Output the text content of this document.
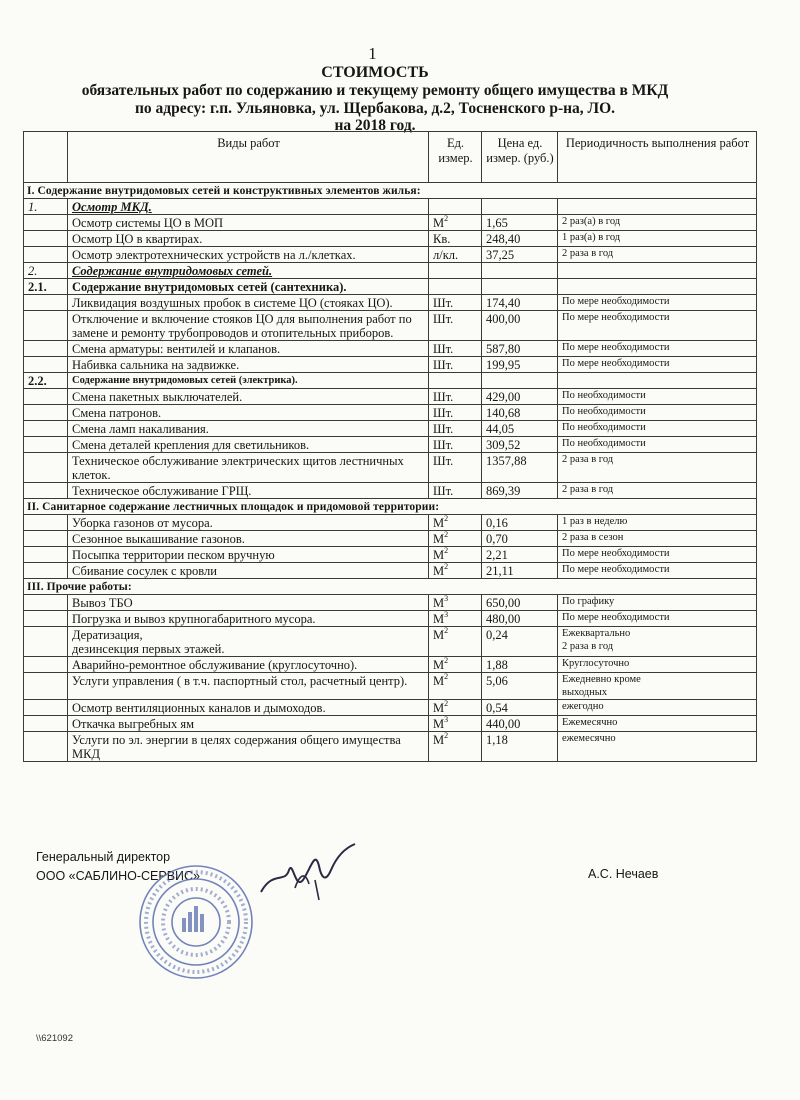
1
СТОИМОСТЬ
обязательных работ по содержанию и текущему ремонту общего имущества в МКД
по адресу: г.п. Ульяновка, ул. Щербакова, д.2, Тосненского р-на, ЛО.
на 2018 год.
	Виды работ	Ед. измер.	Цена ед. измер. (руб.)	Периодичность выполнения работ
I. Содержание внутридомовых сетей и конструктивных элементов жилья:				
1.	Осмотр МКД.			
	Осмотр системы ЦО в МОП	$М^2$	1,65	2 раз(а) в год
	Осмотр ЦО в квартирах.	Кв.	248,40	1 раз(а) в год
	Осмотр электротехнических устройств на л./клетках.	л/кл.	37,25	2 раза в год
2.	Содержание внутридомовых сетей.			
2.1.	Содержание внутридомовых сетей (сантехника).			
	Ликвидация воздушных пробок в системе ЦО (стояках ЦО).	Шт.	174,40	По мере необходимости
	Отключение и включение стояков ЦО для выполнения работ по замене и ремонту трубопроводов и отопительных приборов.	Шт.	400,00	По мере необходимости
	Смена арматуры: вентилей и клапанов.	Шт.	587,80	По мере необходимости
	Набивка сальника на задвижке.	Шт.	199,95	По мере необходимости
2.2.	Содержание внутридомовых сетей (электрика).			
	Смена пакетных выключателей.	Шт.	429,00	По необходимости
	Смена патронов.	Шт.	140,68	По необходимости
	Смена ламп накаливания.	Шт.	44,05	По необходимости
	Смена деталей крепления для светильников.	Шт.	309,52	По необходимости
	Техническое обслуживание электрических щитов лестничных клеток.	Шт.	1357,88	2 раза в год
	Техническое обслуживание ГРЩ.	Шт.	869,39	2 раза в год
II. Санитарное содержание лестничных площадок и придомовой территории:				
	Уборка газонов от мусора.	$М^2$	0,16	1 раз в неделю
	Сезонное выкашивание газонов.	$М^2$	0,70	2 раза в сезон
	Посыпка территории песком вручную	$М^2$	2,21	По мере необходимости
	Сбивание сосулек с кровли	$М^2$	21,11	По мере необходимости
III. Прочие работы:				
	Вывоз ТБО	$М^3$	650,00	По графику
	Погрузка и вывоз крупногабаритного мусора.	$М^3$	480,00	По мере необходимости
	Дератизация,
дезинсекция первых этажей.	$М^2$	0,24	Ежеквартально
2 раза в год
	Аварийно-ремонтное обслуживание (круглосуточно).	$М^2$	1,88	Круглосуточно
	Услуги управления ( в т.ч. паспортный стол, расчетный центр).	$М^2$	5,06	Ежедневно кроме
выходных
	Осмотр вентиляционных каналов и дымоходов.	$М^2$	0,54	ежегодно
	Откачка выгребных ям	$М^3$	440,00	Ежемесячно
	Услуги по эл. энергии в целях содержания общего имущества МКД	$М^2$	1,18	ежемесячно
Генеральный директор
ООО «САБЛИНО-СЕРВИС»	А.С. Нечаев
\\621092
